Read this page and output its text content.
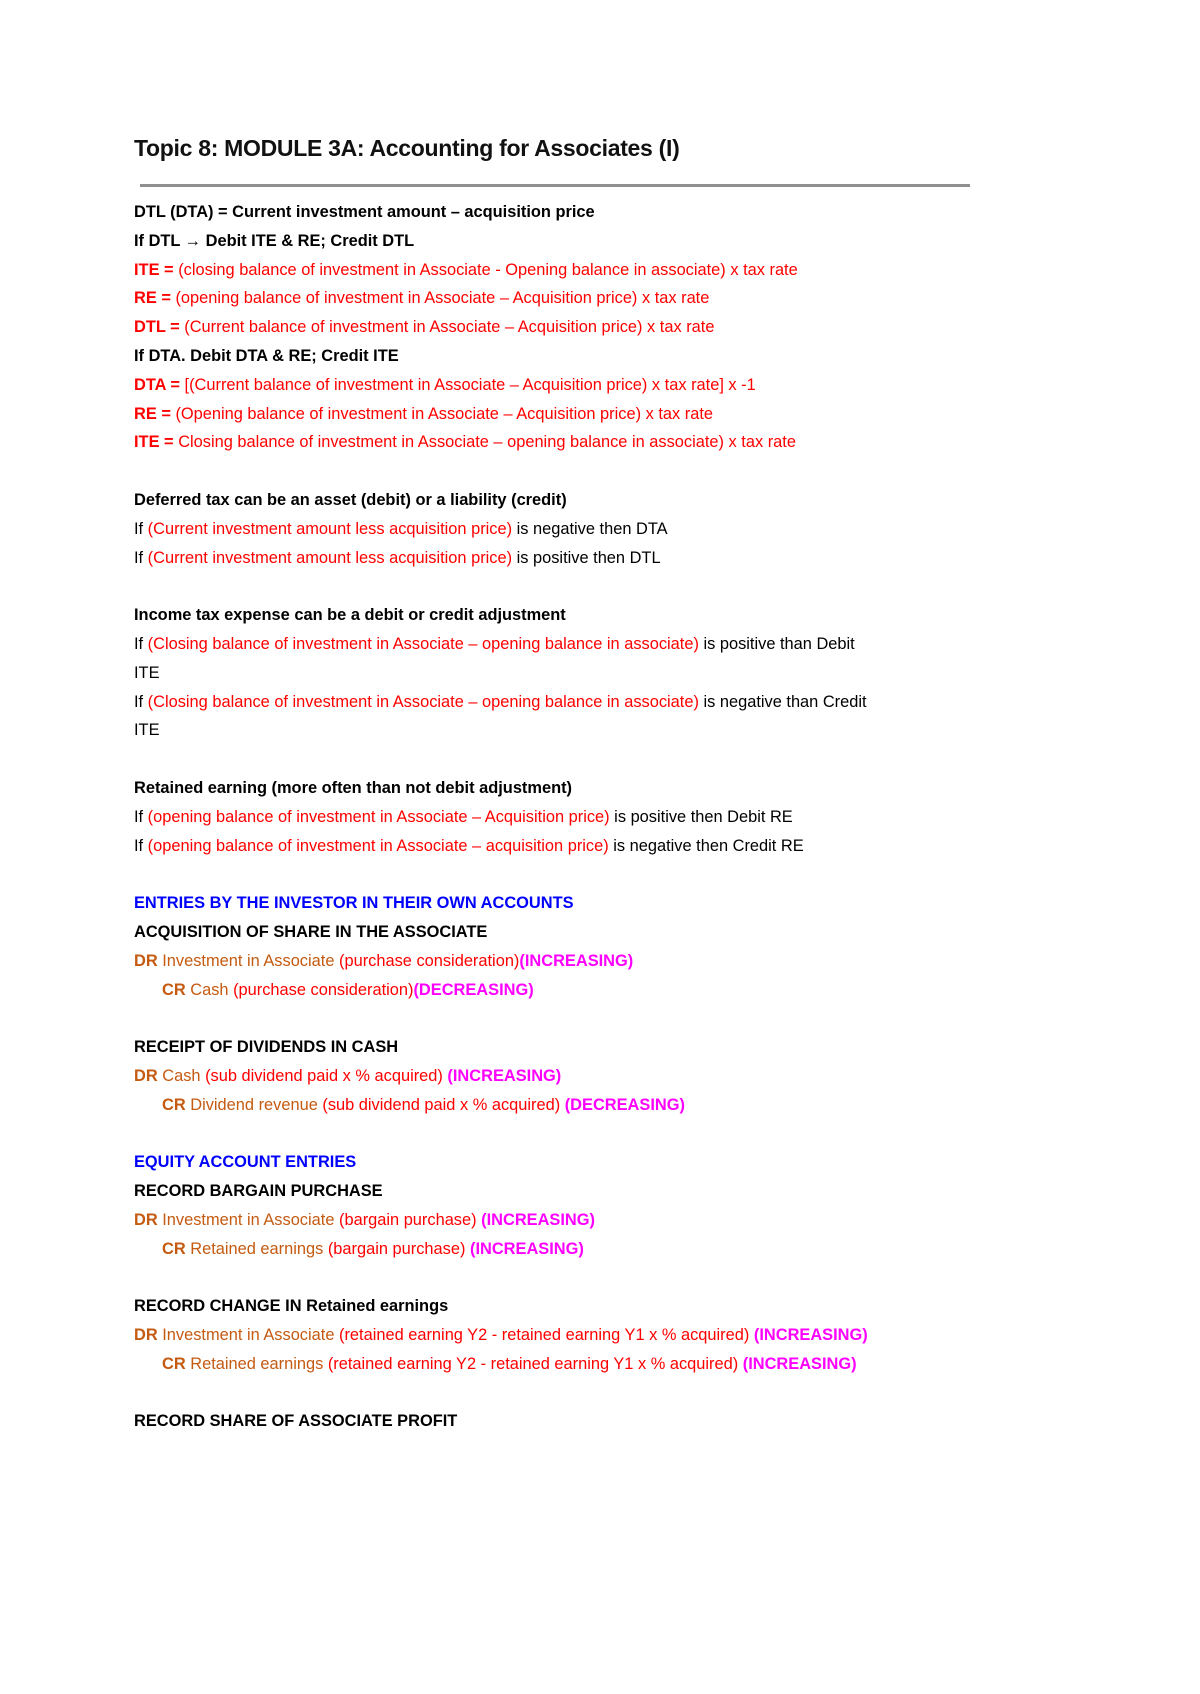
Topic 8: MODULE 3A: Accounting for Associates (I)
DTL (DTA) = Current investment amount – acquisition price
If DTL → Debit ITE & RE; Credit DTL
ITE = (closing balance of investment in Associate - Opening balance in associate) x tax rate
RE = (opening balance of investment in Associate – Acquisition price) x tax rate
DTL = (Current balance of investment in Associate – Acquisition price) x tax rate
If DTA. Debit DTA & RE; Credit ITE
DTA = [(Current balance of investment in Associate – Acquisition price) x tax rate] x -1
RE = (Opening balance of investment in Associate – Acquisition price) x tax rate
ITE = Closing balance of investment in Associate – opening balance in associate) x tax rate
Deferred tax can be an asset (debit) or a liability (credit)
If (Current investment amount less acquisition price) is negative then DTA
If (Current investment amount less acquisition price) is positive then DTL
Income tax expense can be a debit or credit adjustment
If (Closing balance of investment in Associate – opening balance in associate) is positive than Debit
ITE
If (Closing balance of investment in Associate – opening balance in associate) is negative than Credit
ITE
Retained earning (more often than not debit adjustment)
If (opening balance of investment in Associate – Acquisition price) is positive then Debit RE
If (opening balance of investment in Associate – acquisition price) is negative then Credit RE
ENTRIES BY THE INVESTOR IN THEIR OWN ACCOUNTS
ACQUISITION OF SHARE IN THE ASSOCIATE
DR Investment in Associate (purchase consideration)(INCREASING)
CR Cash (purchase consideration)(DECREASING)
RECEIPT OF DIVIDENDS IN CASH
DR Cash (sub dividend paid x % acquired) (INCREASING)
CR Dividend revenue (sub dividend paid x % acquired) (DECREASING)
EQUITY ACCOUNT ENTRIES
RECORD BARGAIN PURCHASE
DR Investment in Associate (bargain purchase) (INCREASING)
CR Retained earnings (bargain purchase) (INCREASING)
RECORD CHANGE IN Retained earnings
DR Investment in Associate (retained earning Y2 - retained earning Y1 x % acquired) (INCREASING)
CR Retained earnings (retained earning Y2 - retained earning Y1 x % acquired) (INCREASING)
RECORD SHARE OF ASSOCIATE PROFIT
